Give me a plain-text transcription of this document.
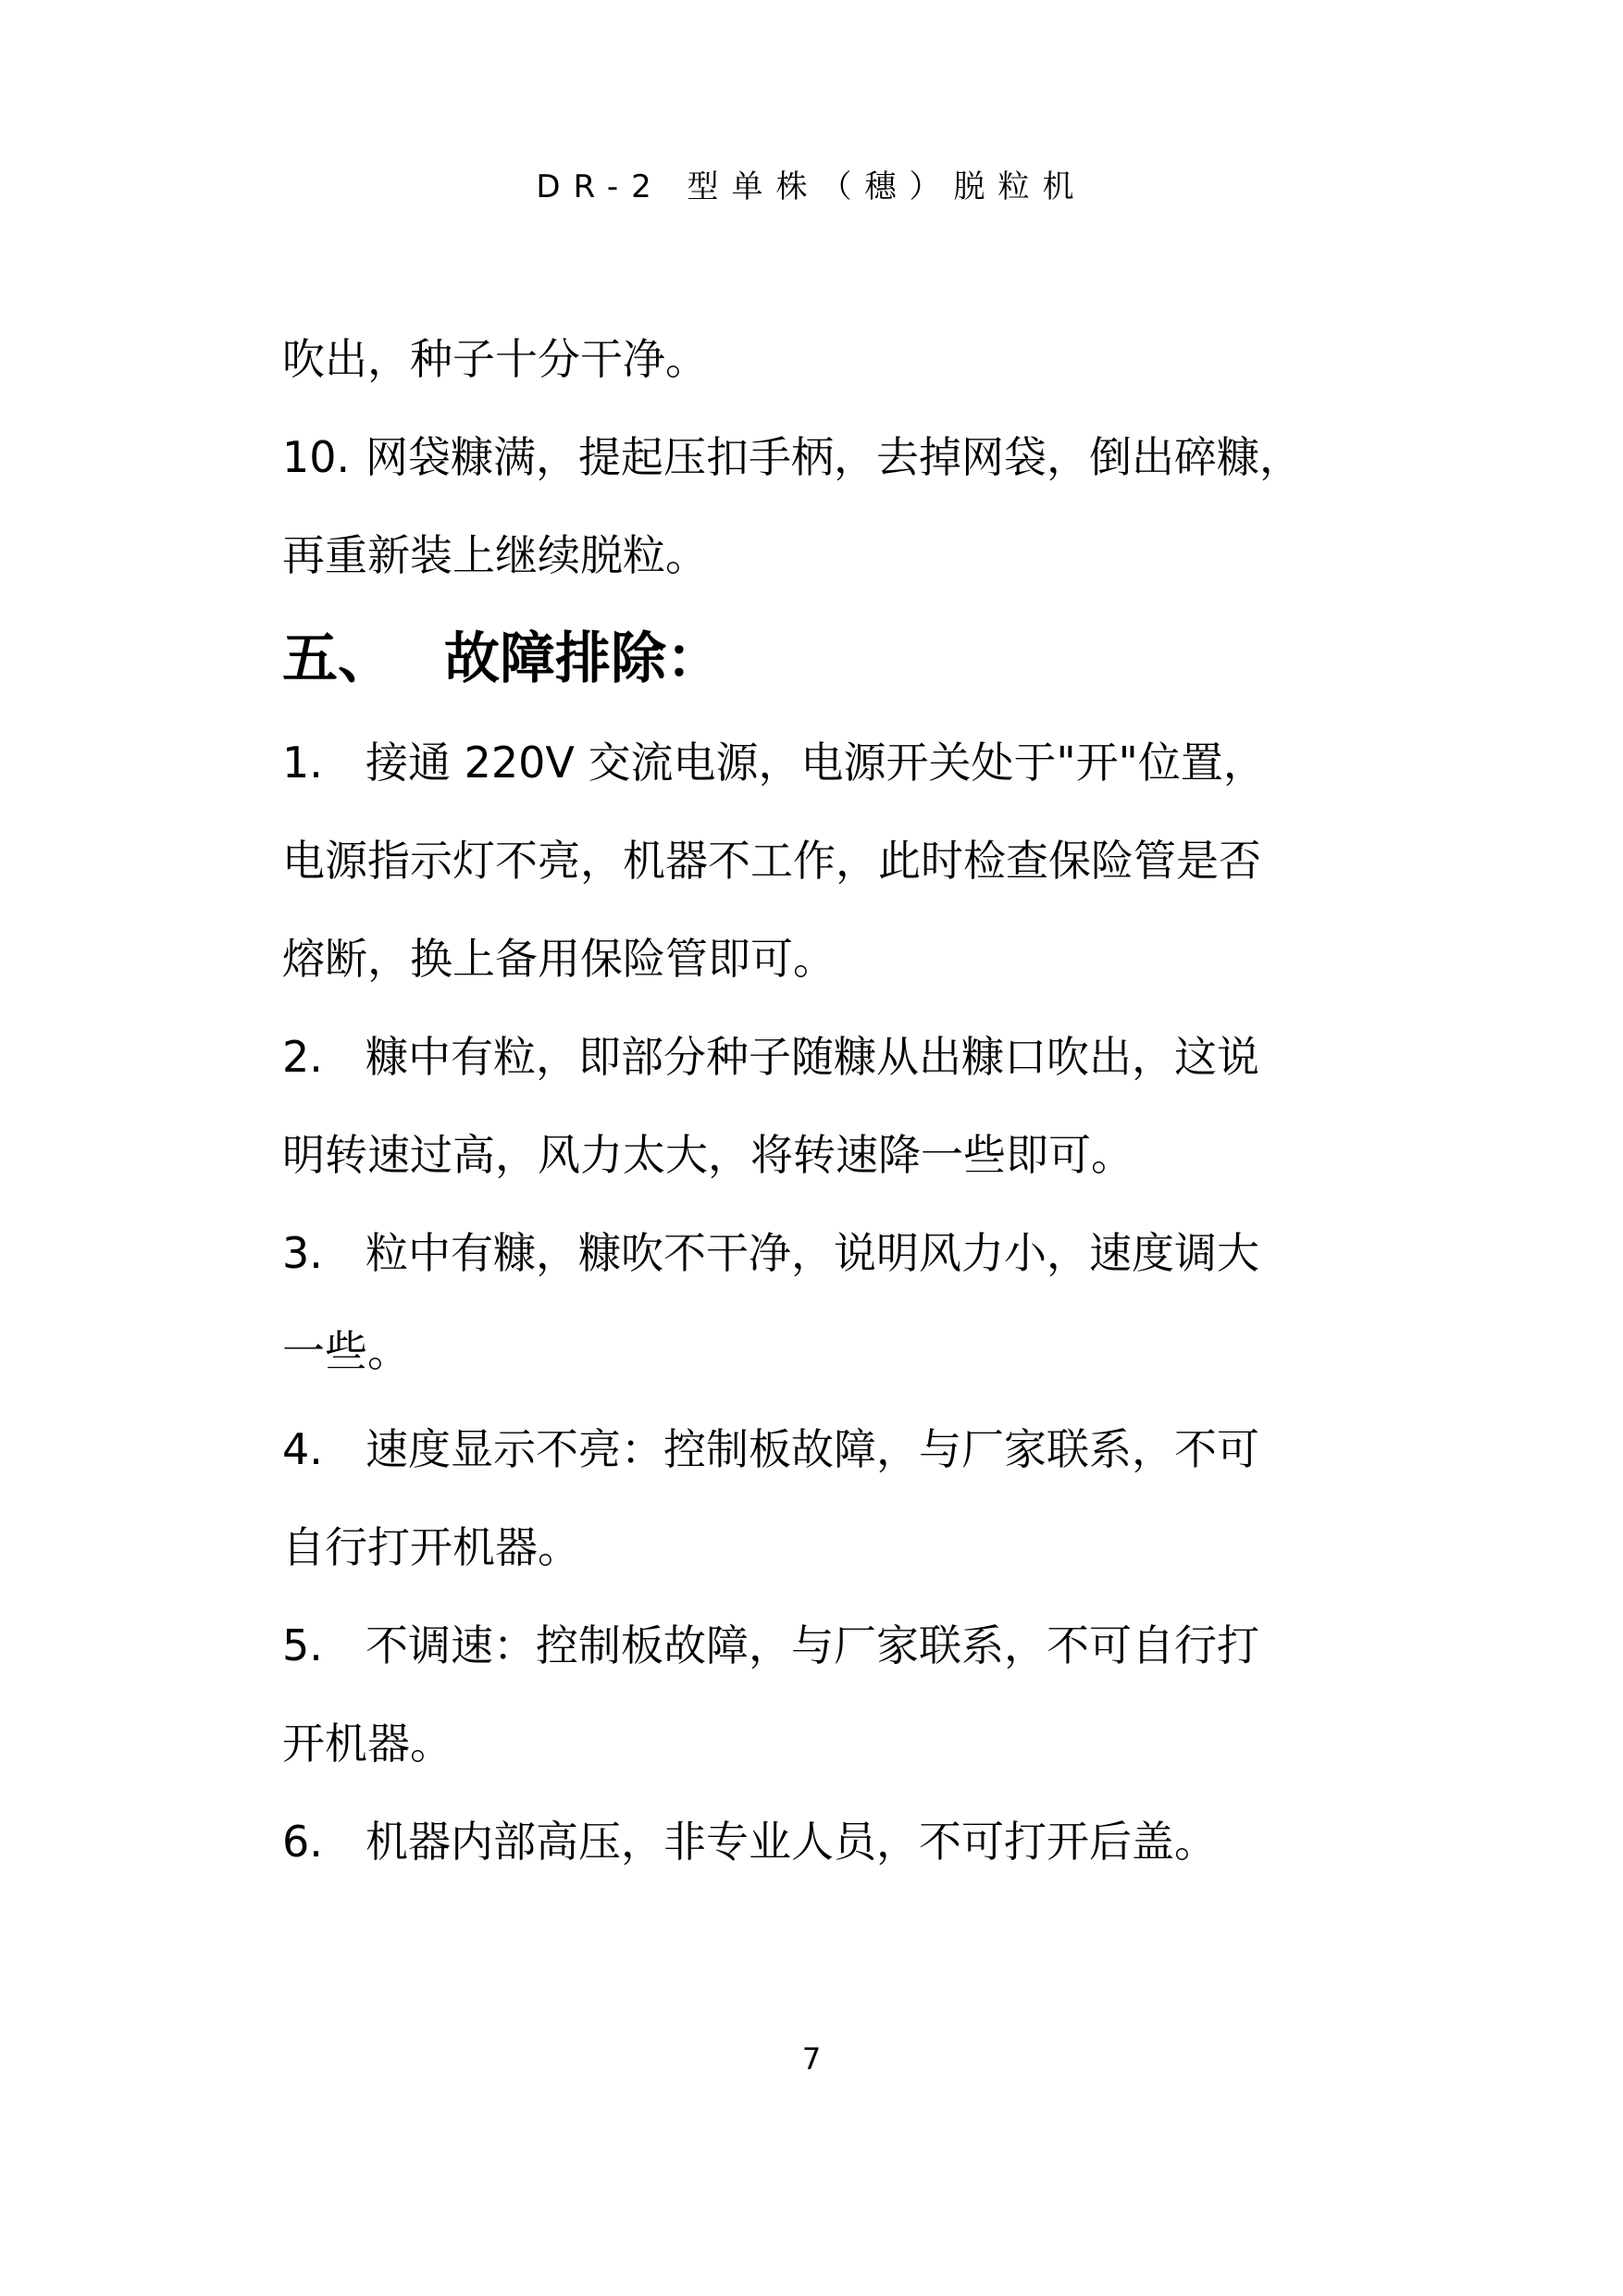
DR-2 型单株（穗）脱粒机

吹出，种子十分干净。

10. 网袋糠满，提起压扣手柄，去掉网袋，倒出碎糠，
再重新装上继续脱粒。
五、 故障排除：
1. 接通 220V 交流电源，电源开关处于"开"位置，
电源指示灯不亮，机器不工作，此时检查保险管是否
熔断，换上备用保险管即可。
2. 糠中有粒，即部分种子随糠从出糠口吹出，这说
明转速过高，风力太大，将转速降一些即可。
3. 粒中有糠，糠吹不干净，说明风力小，速度调大
一些。
4. 速度显示不亮：控制板故障，与厂家联系，不可
自行打开机器。
5. 不调速：控制板故障，与厂家联系，不可自行打
开机器。
6. 机器内部高压，非专业人员，不可打开后盖。
7
